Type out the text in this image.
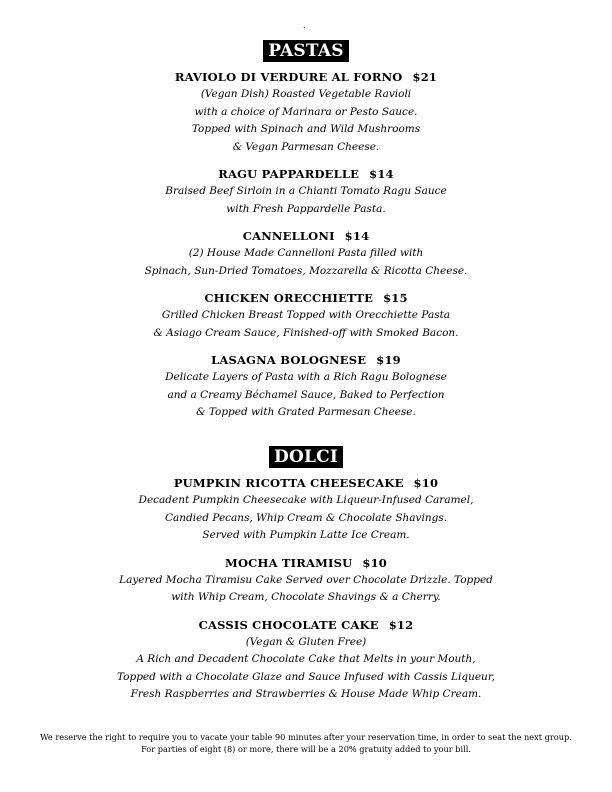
.
PASTAS
RAVIOLO DI VERDURE AL FORNO $21
(Vegan Dish) Roasted Vegetable Ravioli
with a choice of Marinara or Pesto Sauce.
Topped with Spinach and Wild Mushrooms
& Vegan Parmesan Cheese.
RAGU PAPPARDELLE $14
Braised Beef Sirloin in a Chianti Tomato Ragu Sauce
with Fresh Pappardelle Pasta.
CANNELLONI $14
(2) House Made Cannelloni Pasta filled with
Spinach, Sun-Dried Tomatoes, Mozzarella & Ricotta Cheese.
CHICKEN ORECCHIETTE $15
Grilled Chicken Breast Topped with Orecchiette Pasta
& Asiago Cream Sauce, Finished-off with Smoked Bacon.
LASAGNA BOLOGNESE $19
Delicate Layers of Pasta with a Rich Ragu Bolognese
and a Creamy Béchamel Sauce, Baked to Perfection
& Topped with Grated Parmesan Cheese.
DOLCI
PUMPKIN RICOTTA CHEESECAKE $10
Decadent Pumpkin Cheesecake with Liqueur-Infused Caramel,
Candied Pecans, Whip Cream & Chocolate Shavings.
Served with Pumpkin Latte Ice Cream.
MOCHA TIRAMISU $10
Layered Mocha Tiramisu Cake Served over Chocolate Drizzle. Topped
with Whip Cream, Chocolate Shavings & a Cherry.
CASSIS CHOCOLATE CAKE $12
(Vegan & Gluten Free)
A Rich and Decadent Chocolate Cake that Melts in your Mouth,
Topped with a Chocolate Glaze and Sauce Infused with Cassis Liqueur,
Fresh Raspberries and Strawberries & House Made Whip Cream.
We reserve the right to require you to vacate your table 90 minutes after your reservation time, in order to seat the next group.
For parties of eight (8) or more, there will be a 20% gratuity added to your bill.
